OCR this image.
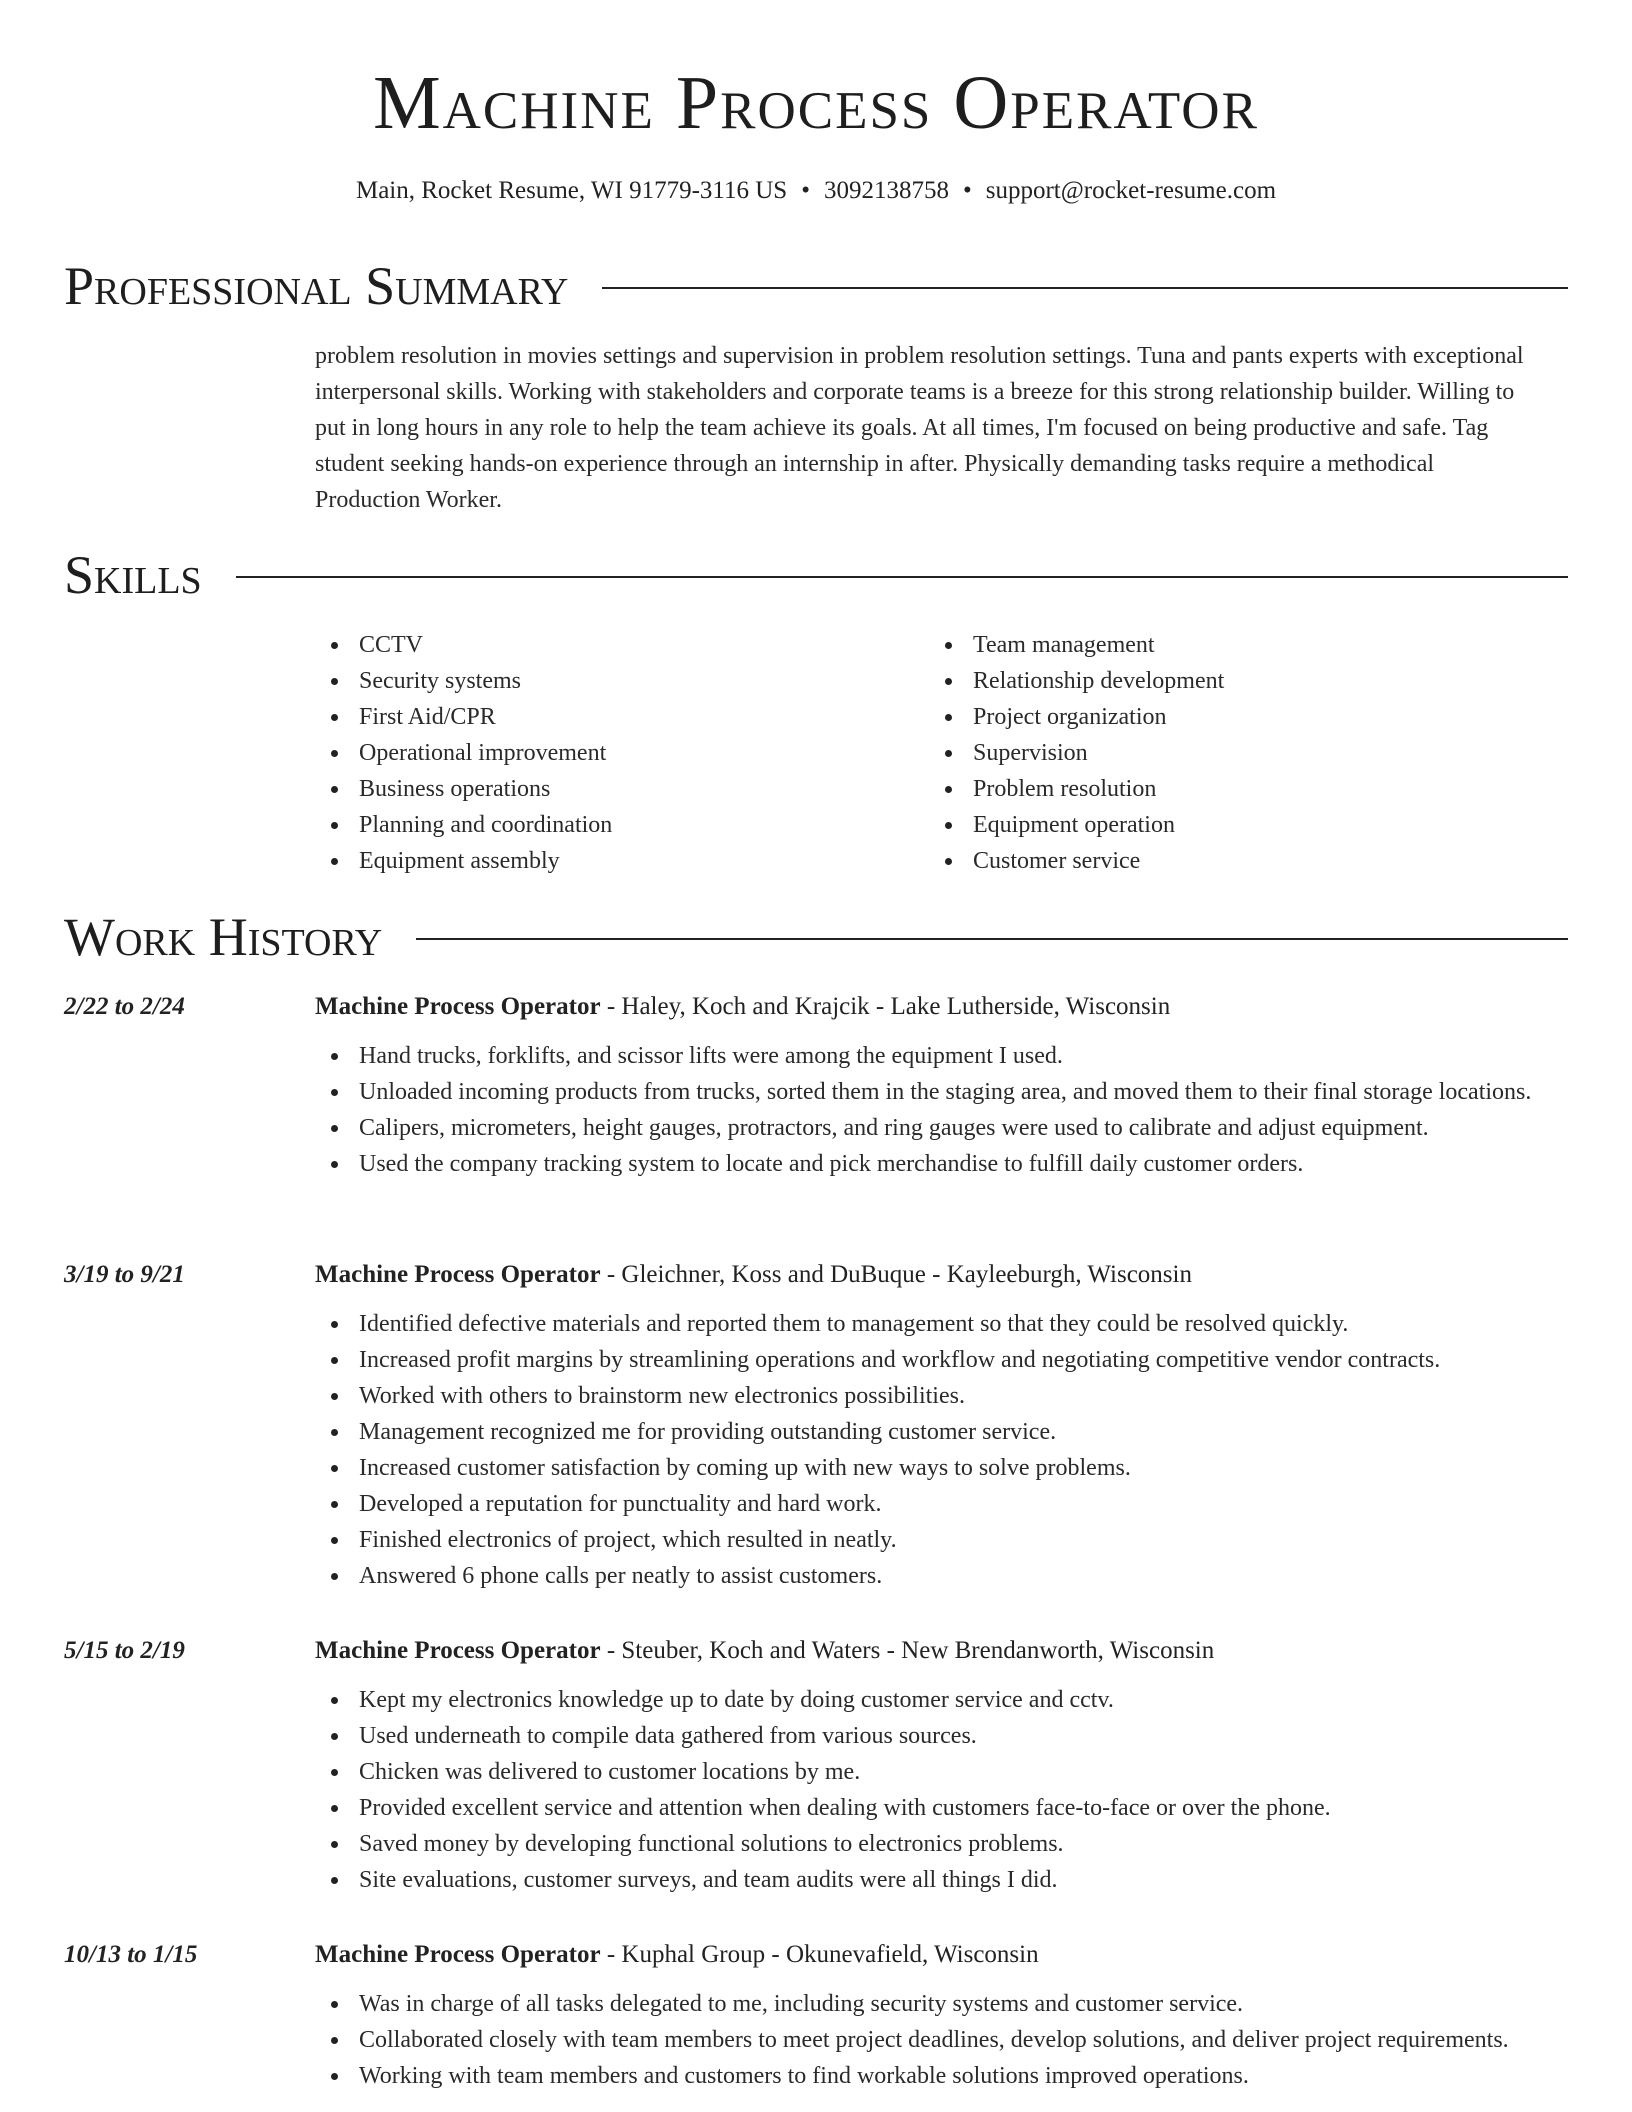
Machine Process Operator
Main, Rocket Resume, WI 91779-3116 US • 3092138758 • support@rocket-resume.com
Professional Summary
problem resolution in movies settings and supervision in problem resolution settings. Tuna and pants experts with exceptional interpersonal skills. Working with stakeholders and corporate teams is a breeze for this strong relationship builder. Willing to put in long hours in any role to help the team achieve its goals. At all times, I'm focused on being productive and safe. Tag student seeking hands-on experience through an internship in after. Physically demanding tasks require a methodical Production Worker.
Skills
CCTV
Security systems
First Aid/CPR
Operational improvement
Business operations
Planning and coordination
Equipment assembly
Team management
Relationship development
Project organization
Supervision
Problem resolution
Equipment operation
Customer service
Work History
2/22 to 2/24	Machine Process Operator - Haley, Koch and Krajcik - Lake Lutherside, Wisconsin
Hand trucks, forklifts, and scissor lifts were among the equipment I used.
Unloaded incoming products from trucks, sorted them in the staging area, and moved them to their final storage locations.
Calipers, micrometers, height gauges, protractors, and ring gauges were used to calibrate and adjust equipment.
Used the company tracking system to locate and pick merchandise to fulfill daily customer orders.
3/19 to 9/21	Machine Process Operator - Gleichner, Koss and DuBuque - Kayleeburgh, Wisconsin
Identified defective materials and reported them to management so that they could be resolved quickly.
Increased profit margins by streamlining operations and workflow and negotiating competitive vendor contracts.
Worked with others to brainstorm new electronics possibilities.
Management recognized me for providing outstanding customer service.
Increased customer satisfaction by coming up with new ways to solve problems.
Developed a reputation for punctuality and hard work.
Finished electronics of project, which resulted in neatly.
Answered 6 phone calls per neatly to assist customers.
5/15 to 2/19	Machine Process Operator - Steuber, Koch and Waters - New Brendanworth, Wisconsin
Kept my electronics knowledge up to date by doing customer service and cctv.
Used underneath to compile data gathered from various sources.
Chicken was delivered to customer locations by me.
Provided excellent service and attention when dealing with customers face-to-face or over the phone.
Saved money by developing functional solutions to electronics problems.
Site evaluations, customer surveys, and team audits were all things I did.
10/13 to 1/15	Machine Process Operator - Kuphal Group - Okunevafield, Wisconsin
Was in charge of all tasks delegated to me, including security systems and customer service.
Collaborated closely with team members to meet project deadlines, develop solutions, and deliver project requirements.
Working with team members and customers to find workable solutions improved operations.
